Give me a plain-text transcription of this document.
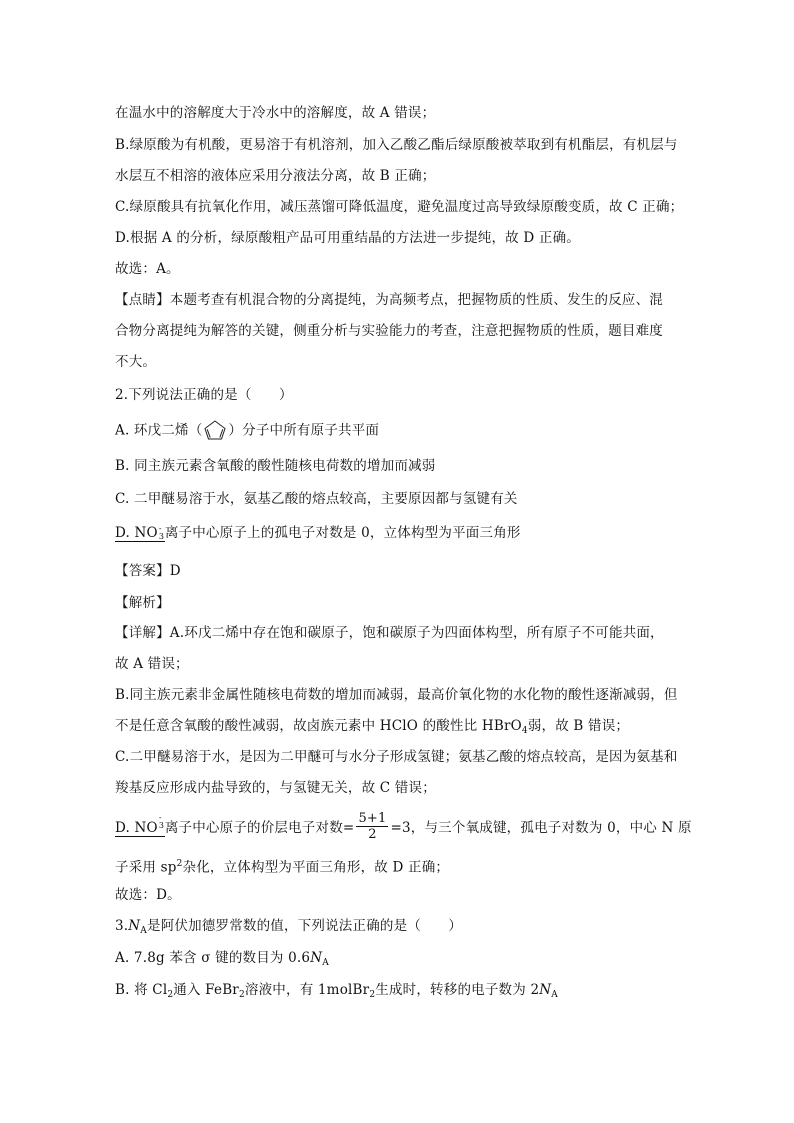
在温水中的溶解度大于冷水中的溶解度，故 A 错误；
B.绿原酸为有机酸，更易溶于有机溶剂，加入乙酸乙酯后绿原酸被萃取到有机酯层，有机层与
水层互不相溶的液体应采用分液法分离，故 B 正确；
C.绿原酸具有抗氧化作用，减压蒸馏可降低温度，避免温度过高导致绿原酸变质，故 C 正确；
D.根据 A 的分析，绿原酸粗产品可用重结晶的方法进一步提纯，故 D 正确。
故选：A。
【点睛】本题考查有机混合物的分离提纯，为高频考点，把握物质的性质、发生的反应、混
合物分离提纯为解答的关键，侧重分析与实验能力的考查，注意把握物质的性质，题目难度
不大。
2.下列说法正确的是（　　）
A. 环戊二烯（ ）分子中所有原子共平面
B. 同主族元素含氧酸的酸性随核电荷数的增加而减弱
C. 二甲醚易溶于水，氨基乙酸的熔点较高，主要原因都与氢键有关
D. NO -
3 离子中心原子上的孤电子对数是 0，立体构型为平面三角形
【答案】D
【解析】
【详解】A.环戊二烯中存在饱和碳原子，饱和碳原子为四面体构型，所有原子不可能共面，
故 A 错误；
B.同主族元素非金属性随核电荷数的增加而减弱，最高价氧化物的水化物的酸性逐渐减弱，但
不是任意含氧酸的酸性减弱，故卤族元素中 HClO 的酸性比 HBrO$_4$弱，故 B 错误；
C.二甲醚易溶于水，是因为二甲醚可与水分子形成氢键；氨基乙酸的熔点较高，是因为氨基和
羧基反应形成内盐导致的，与氢键无关，故 C 错误；
D. NO
-
3 离子中心原子的价层电子对数= $\frac{5+1}{2} =3$，与三个氧成键，孤电子对数为 0，中心 N 原
子采用 $sp^2$杂化，立体构型为平面三角形，故 D 正确；
故选：D。
$3.N_A$是阿伏加德罗常数的值，下列说法正确的是（　　）
A. 7.8g 苯含 σ 键的数目为 $0.6N_A$
B. 将 $Cl_2$通入 FeBr$_2$溶液中，有 1molBr$_2$生成时，转移的电子数为 $2N_A$
